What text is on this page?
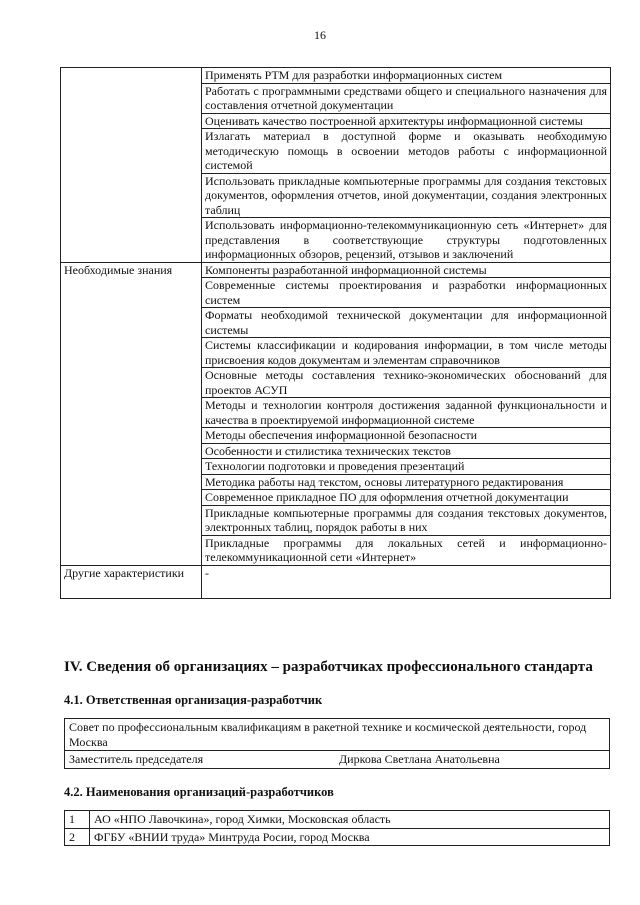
16
	Применять РТМ для разработки информационных систем
	Работать с программными средствами общего и специального назначения для составления отчетной документации
	Оценивать качество построенной архитектуры информационной системы
	Излагать материал в доступной форме и оказывать необходимую методическую помощь в освоении методов работы с информационной системой
	Использовать прикладные компьютерные программы для создания текстовых документов, оформления отчетов, иной документации, создания электронных таблиц
	Использовать информационно-телекоммуникационную сеть «Интернет» для представления в соответствующие структуры подготовленных информационных обзоров, рецензий, отзывов и заключений
Необходимые знания	Компоненты разработанной информационной системы
	Современные системы проектирования и разработки информационных систем
	Форматы необходимой технической документации для информационной системы
	Системы классификации и кодирования информации, в том числе методы присвоения кодов документам и элементам справочников
	Основные методы составления технико-экономических обоснований для проектов АСУП
	Методы и технологии контроля достижения заданной функциональности и качества в проектируемой информационной системе
	Методы обеспечения информационной безопасности
	Особенности и стилистика технических текстов
	Технологии подготовки и проведения презентаций
	Методика работы над текстом, основы литературного редактирования
	Современное прикладное ПО для оформления отчетной документации
	Прикладные компьютерные программы для создания текстовых документов, электронных таблиц, порядок работы в них
	Прикладные программы для локальных сетей и информационно-телекоммуникационной сети «Интернет»
Другие характеристики	-
IV. Сведения об организациях – разработчиках профессионального стандарта
4.1. Ответственная организация-разработчик
Совет по профессиональным квалификациям в ракетной технике и космической деятельности, город Москва
Заместитель председателя	Диркова Светлана Анатольевна
4.2. Наименования организаций-разработчиков
1	АО «НПО Лавочкина», город Химки, Московская область
2	ФГБУ «ВНИИ труда» Минтруда Росии, город Москва
